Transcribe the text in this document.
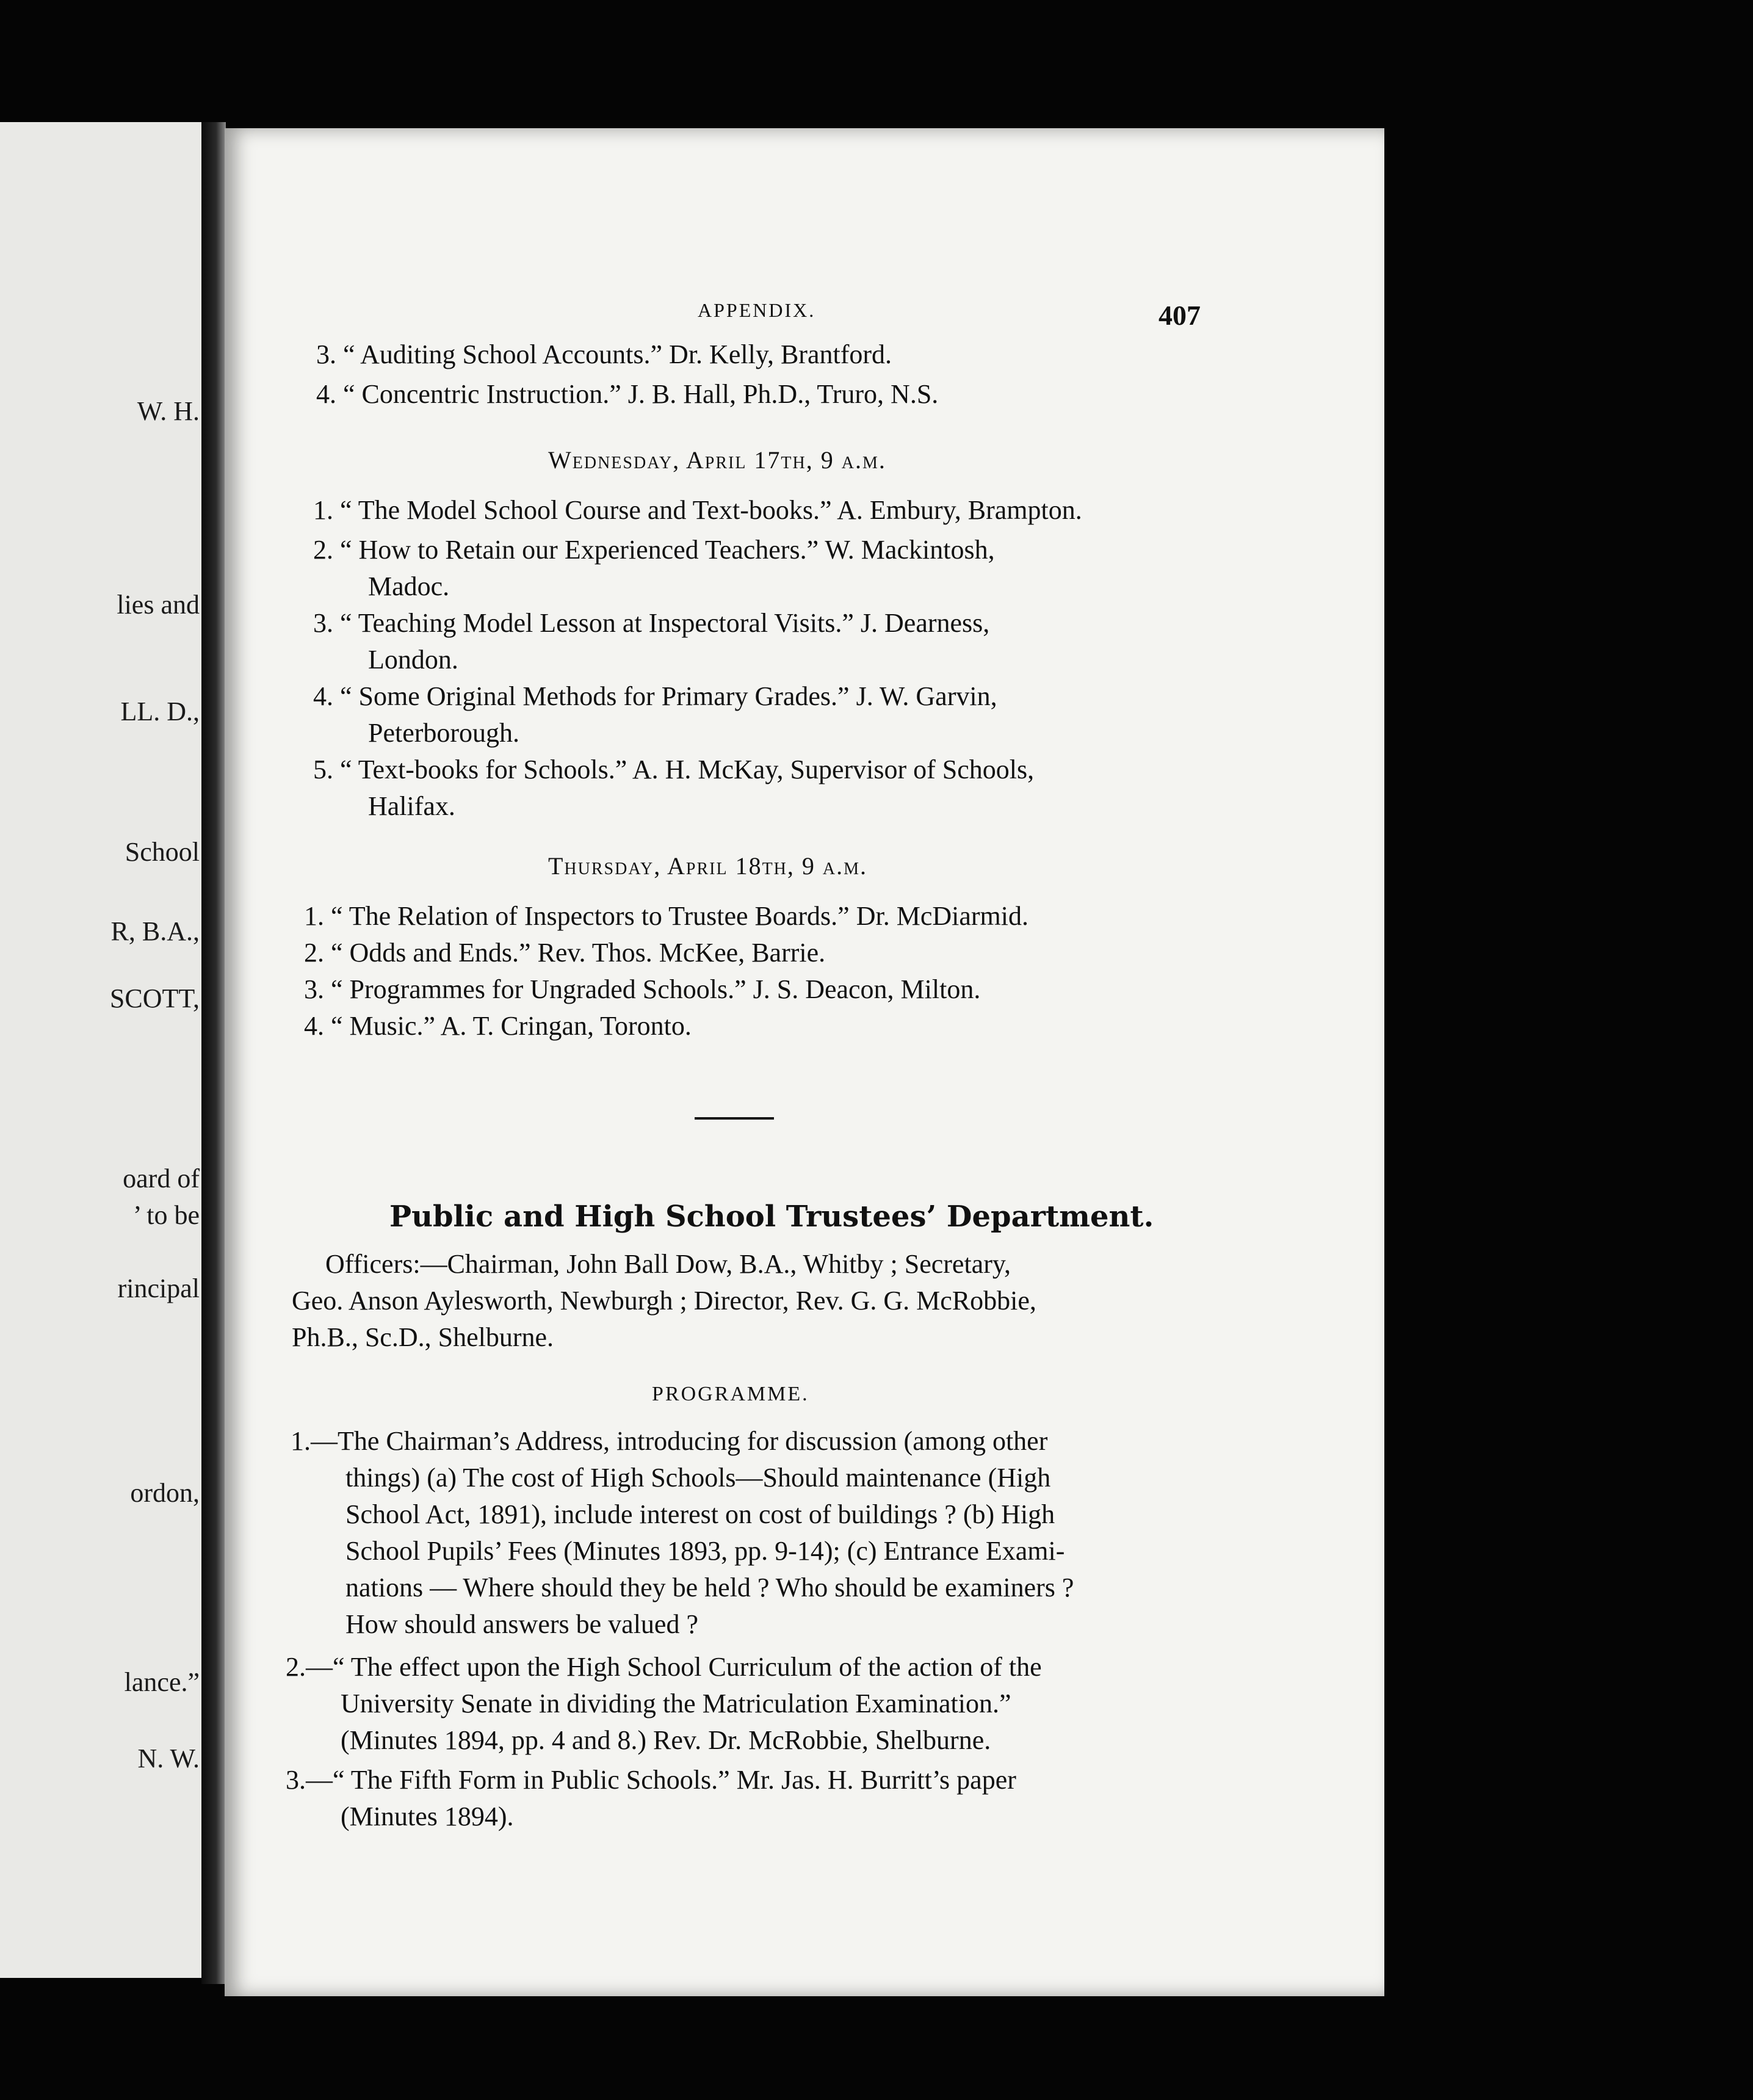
W. H.
lies and
LL. D.,
School
R, B.A.,
SCOTT,
oard of
’ to be
rincipal
ordon,
lance.”
N. W.
APPENDIX.	407
3. “ Auditing School Accounts.” Dr. Kelly, Brantford.
4. “ Concentric Instruction.” J. B. Hall, Ph.D., Truro, N.S.
Wednesday, April 17th, 9 a.m.
1. “ The Model School Course and Text-books.” A. Embury, Brampton.
2. “ How to Retain our Experienced Teachers.” W. Mackintosh,
Madoc.
3. “ Teaching Model Lesson at Inspectoral Visits.” J. Dearness,
London.
4. “ Some Original Methods for Primary Grades.” J. W. Garvin,
Peterborough.
5. “ Text-books for Schools.” A. H. McKay, Supervisor of Schools,
Halifax.
Thursday, April 18th, 9 a.m.
1. “ The Relation of Inspectors to Trustee Boards.” Dr. McDiarmid.
2. “ Odds and Ends.” Rev. Thos. McKee, Barrie.
3. “ Programmes for Ungraded Schools.” J. S. Deacon, Milton.
4. “ Music.” A. T. Cringan, Toronto.
Public and High School Trustees’ Department.
Officers:—Chairman, John Ball Dow, B.A., Whitby ; Secretary,
Geo. Anson Aylesworth, Newburgh ; Director, Rev. G. G. McRobbie,
Ph.B., Sc.D., Shelburne.
PROGRAMME.
1.—The Chairman’s Address, introducing for discussion (among other
things) (a) The cost of High Schools—Should maintenance (High
School Act, 1891), include interest on cost of buildings ? (b) High
School Pupils’ Fees (Minutes 1893, pp. 9-14); (c) Entrance Exami-
nations — Where should they be held ? Who should be examiners ?
How should answers be valued ?
2.—“ The effect upon the High School Curriculum of the action of the
University Senate in dividing the Matriculation Examination.”
(Minutes 1894, pp. 4 and 8.) Rev. Dr. McRobbie, Shelburne.
3.—“ The Fifth Form in Public Schools.” Mr. Jas. H. Burritt’s paper
(Minutes 1894).
